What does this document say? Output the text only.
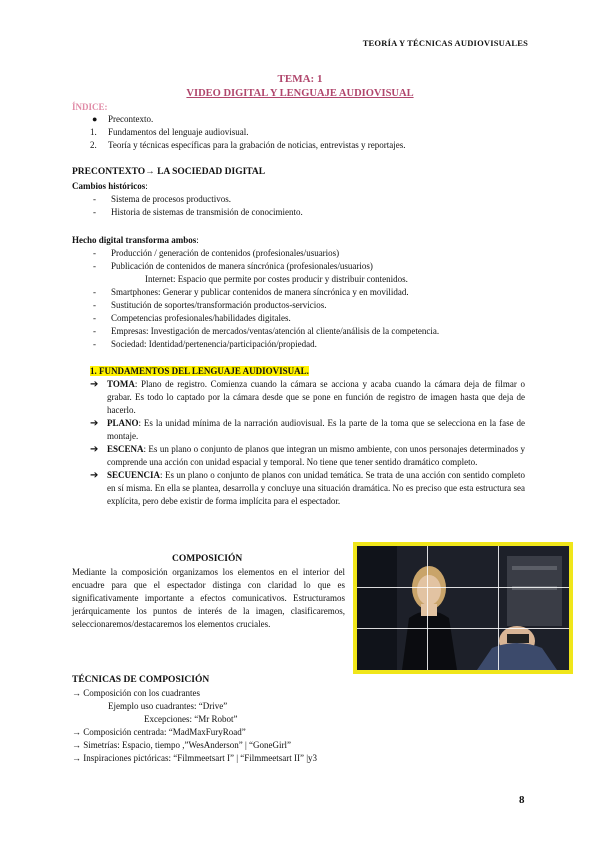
TEORÍA Y TÉCNICAS AUDIOVISUALES
TEMA: 1
VIDEO DIGITAL Y LENGUAJE AUDIOVISUAL
ÍNDICE:
●	Precontexto.
1.	Fundamentos del lenguaje audiovisual.
2.	Teoría y técnicas específicas para la grabación de noticias, entrevistas y reportajes.
PRECONTEXTO→ LA SOCIEDAD DIGITAL
Cambios históricos:
-	Sistema de procesos productivos.
-	Historia de sistemas de transmisión de conocimiento.
Hecho digital transforma ambos:
-	Producción / generación de contenidos (profesionales/usuarios)
-	Publicación de contenidos de manera síncrónica (profesionales/usuarios)
Internet: Espacio que permite por costes producir y distribuir contenidos.
-	Smartphones: Generar y publicar contenidos de manera síncrónica y en movilidad.
-	Sustitución de soportes/transformación productos-servicios.
-	Competencias profesionales/habilidades digitales.
-	Empresas: Investigación de mercados/ventas/atención al cliente/análisis de la competencia.
-	Sociedad: Identidad/pertenencia/participación/propiedad.
1. FUNDAMENTOS DEL LENGUAJE AUDIOVISUAL.
➔ TOMA: Plano de registro. Comienza cuando la cámara se acciona y acaba cuando la cámara deja de filmar o grabar. Es todo lo captado por la cámara desde que se pone en función de registro de imagen hasta que deja de hacerlo.
➔ PLANO: Es la unidad mínima de la narración audiovisual. Es la parte de la toma que se selecciona en la fase de montaje.
➔ ESCENA: Es un plano o conjunto de planos que integran un mismo ambiente, con unos personajes determinados y comprende una acción con unidad espacial y temporal. No tiene que tener sentido dramático completo.
➔ SECUENCIA: Es un plano o conjunto de planos con unidad temática. Se trata de una acción con sentido completo en sí misma. En ella se plantea, desarrolla y concluye una situación dramática. No es preciso que esta estructura sea explícita, pero debe existir de forma implícita para el espectador.
COMPOSICIÓN
Mediante la composición organizamos los elementos en el interior del encuadre para que el espectador distinga con claridad lo que es significativamente importante a efectos comunicativos. Estructuramos jerárquicamente los puntos de interés de la imagen, clasificaremos, seleccionaremos/destacaremos los elementos cruciales.
TÉCNICAS DE COMPOSICIÓN
→ Composición con los cuadrantes
Ejemplo uso cuadrantes: “Drive”
Excepciones: “Mr Robot”
→ Composición centrada: “MadMaxFuryRoad”
→ Simetrías: Espacio, tiempo ,”WesAnderson” | “GoneGirl”
→ Inspiraciones pictóricas: “Filmmeetsart I” | “Filmmeetsart II” |y3
8
